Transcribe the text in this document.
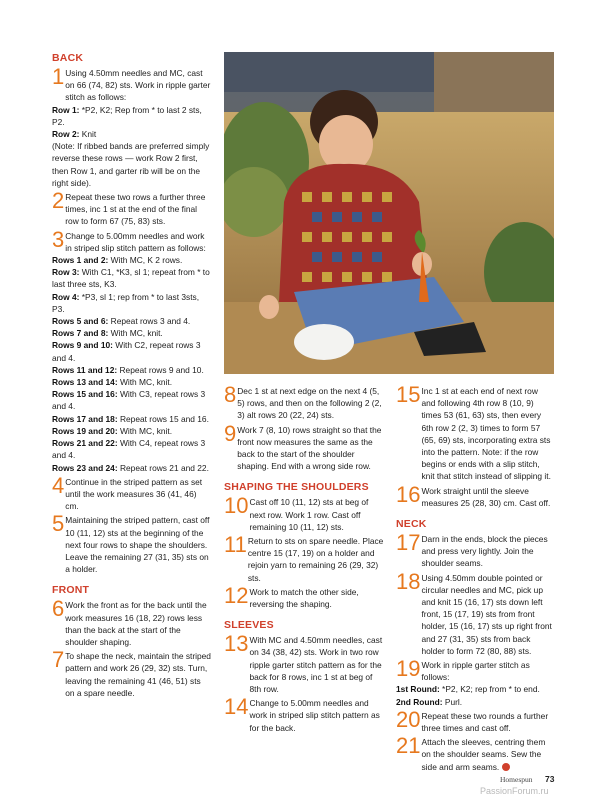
BACK
1 Using 4.50mm needles and MC, cast on 66 (74, 82) sts. Work in ripple garter stitch as follows:

Row 1: *P2, K2; Rep from * to last 2 sts, P2.

Row 2: Knit

(Note: If ribbed bands are preferred simply reverse these rows — work Row 2 first, then Row 1, and garter rib will be on the right side).

2 Repeat these two rows a further three times, inc 1 st at the end of the final row to form 67 (75, 83) sts.
3 Change to 5.00mm needles and work in striped slip stitch pattern as follows:

Rows 1 and 2: With MC, K 2 rows.

Row 3: With C1, *K3, sl 1; repeat from * to last three sts, K3.

Row 4: *P3, sl 1; rep from * to last 3sts, P3.

Rows 5 and 6: Repeat rows 3 and 4.

Rows 7 and 8: With MC, knit.

Rows 9 and 10: With C2, repeat rows 3 and 4.

Rows 11 and 12: Repeat rows 9 and 10.

Rows 13 and 14: With MC, knit.

Rows 15 and 16: With C3, repeat rows 3 and 4.

Rows 17 and 18: Repeat rows 15 and 16.

Rows 19 and 20: With MC, knit.

Rows 21 and 22: With C4, repeat rows 3 and 4.

Rows 23 and 24: Repeat rows 21 and 22.

4 Continue in the striped pattern as set until the work measures 36 (41, 46) cm.
5 Maintaining the striped pattern, cast off 10 (11, 12) sts at the beginning of the next four rows to shape the shoulders. Leave the remaining 27 (31, 35) sts on a holder.
FRONT
6 Work the front as for the back until the work measures 16 (18, 22) rows less than the back at the start of the shoulder shaping.
7 To shape the neck, maintain the striped pattern and work 26 (29, 32) sts. Turn, leaving the remaining 41 (46, 51) sts on a spare needle.
8 Dec 1 st at next edge on the next 4 (5, 5) rows, and then on the following 2 (2, 3) alt rows 20 (22, 24) sts.
9 Work 7 (8, 10) rows straight so that the front now measures the same as the back to the start of the shoulder shaping. End with a wrong side row.
SHAPING THE SHOULDERS
10 Cast off 10 (11, 12) sts at beg of next row. Work 1 row. Cast off remaining 10 (11, 12) sts.
11 Return to sts on spare needle. Place centre 15 (17, 19) on a holder and rejoin yarn to remaining 26 (29, 32) sts.
12 Work to match the other side, reversing the shaping.
SLEEVES
13 With MC and 4.50mm needles, cast on 34 (38, 42) sts. Work in two row ripple garter stitch pattern as for the back for 8 rows, inc 1 st at beg of 8th row.
14 Change to 5.00mm needles and work in striped slip stitch pattern as for the back.
15 Inc 1 st at each end of next row and following 4th row 8 (10, 9) times 53 (61, 63) sts, then every 6th row 2 (2, 3) times to form 57 (65, 69) sts, incorporating extra sts into the pattern. Note: if the row begins or ends with a slip stitch, knit that stitch instead of slipping it.
16 Work straight until the sleeve measures 25 (28, 30) cm. Cast off.
NECK
17 Darn in the ends, block the pieces and press very lightly. Join the shoulder seams.
18 Using 4.50mm double pointed or circular needles and MC, pick up and knit 15 (16, 17) sts down left front, 15 (17, 19) sts from front holder, 15 (16, 17) sts up right front and 27 (31, 35) sts from back holder to form 72 (80, 88) sts.
19 Work in ripple garter stitch as follows:

1st Round: *P2, K2; rep from * to end.

2nd Round: Purl.

20 Repeat these two rounds a further three times and cast off.
21 Attach the sleeves, centring them on the shoulder seams. Sew the side and arm seams.
Homespun 73
PassionForum.ru
